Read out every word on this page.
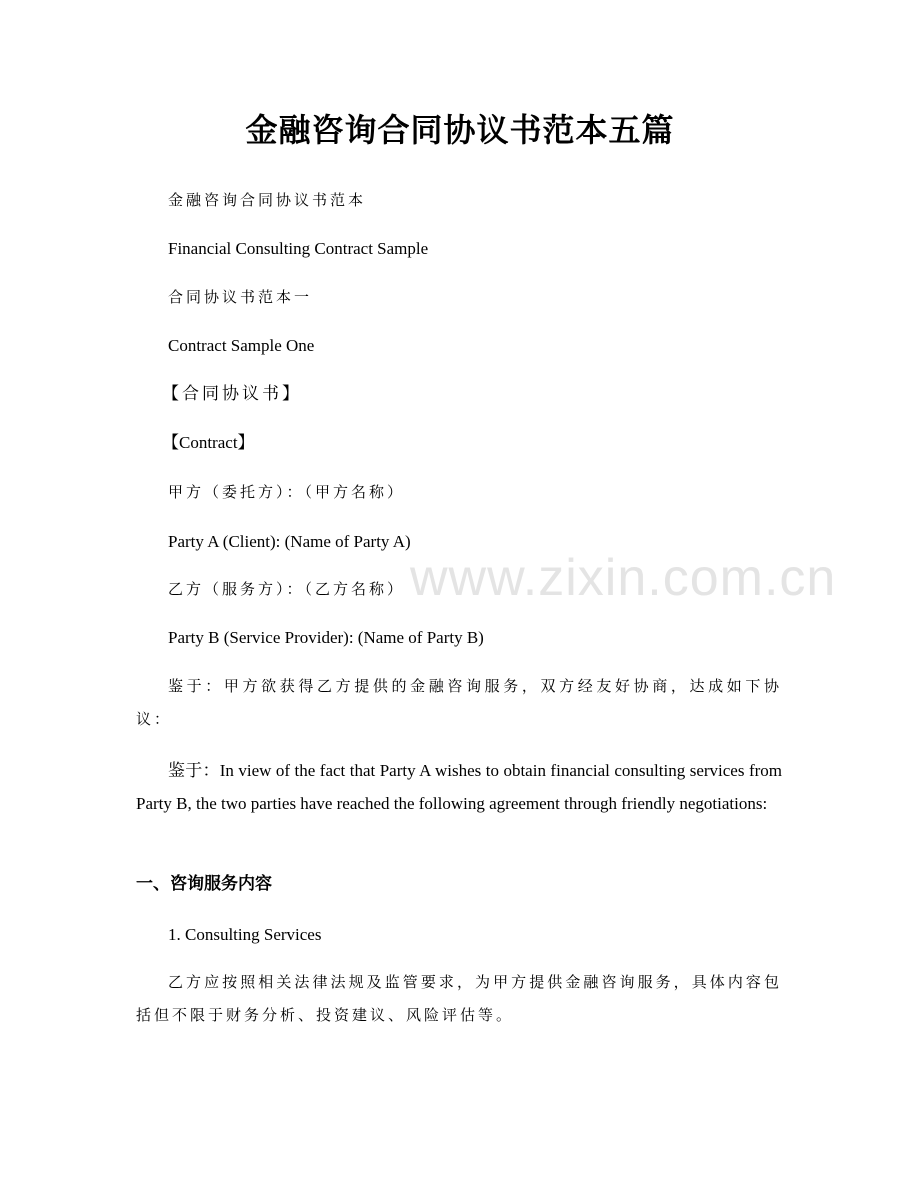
金融咨询合同协议书范本五篇
金融咨询合同协议书范本
Financial Consulting Contract Sample
合同协议书范本一
Contract Sample One
【合同协议书】
【Contract】
甲方（委托方）：（甲方名称）
Party A (Client): (Name of Party A)
乙方（服务方）：（乙方名称）
Party B (Service Provider): (Name of Party B)
鉴于：甲方欲获得乙方提供的金融咨询服务，双方经友好协商，达成如下协议：
鉴于：In view of the fact that Party A wishes to obtain financial consulting services from Party B, the two parties have reached the following agreement through friendly negotiations:
一、咨询服务内容
1. Consulting Services
乙方应按照相关法律法规及监管要求，为甲方提供金融咨询服务，具体内容包括但不限于财务分析、投资建议、风险评估等。
www.zixin.com.cn
